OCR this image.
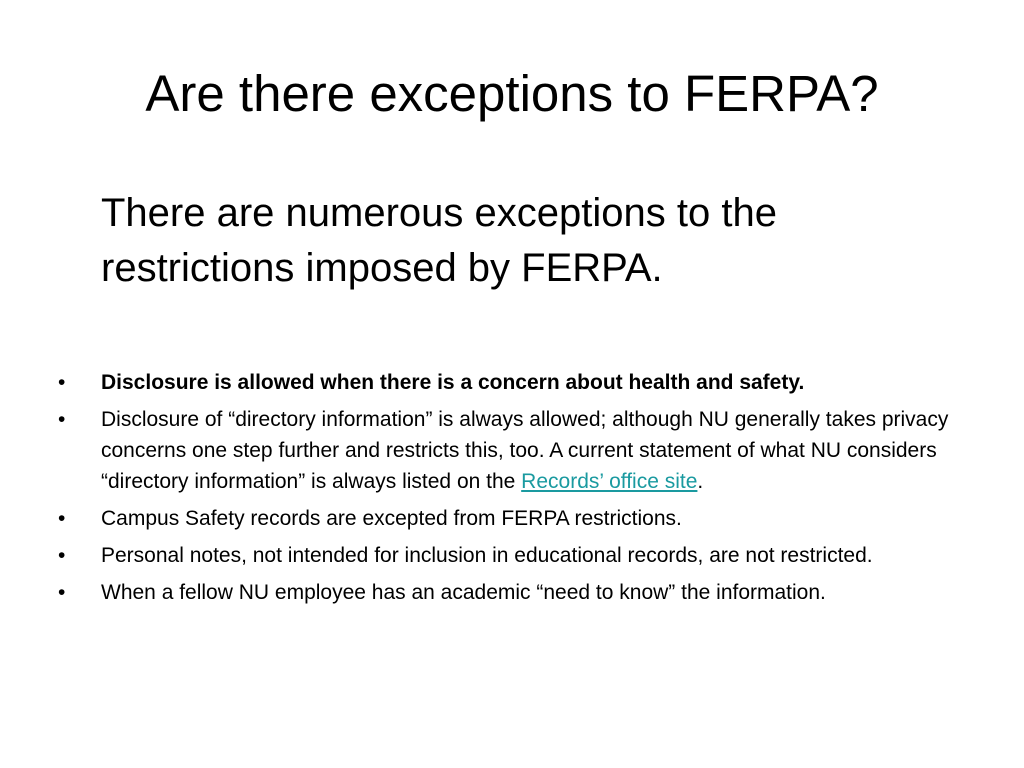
Are there exceptions to FERPA?

There are numerous exceptions to the restrictions imposed by FERPA.

•	Disclosure is allowed when there is a concern about health and safety.
•	Disclosure of “directory information” is always allowed; although NU generally takes privacy concerns one step further and restricts this, too. A current statement of what NU considers “directory information” is always listed on the Records’ office site.
•	Campus Safety records are excepted from FERPA restrictions.
•	Personal notes, not intended for inclusion in educational records, are not restricted.
•	When a fellow NU employee has an academic “need to know” the information.
